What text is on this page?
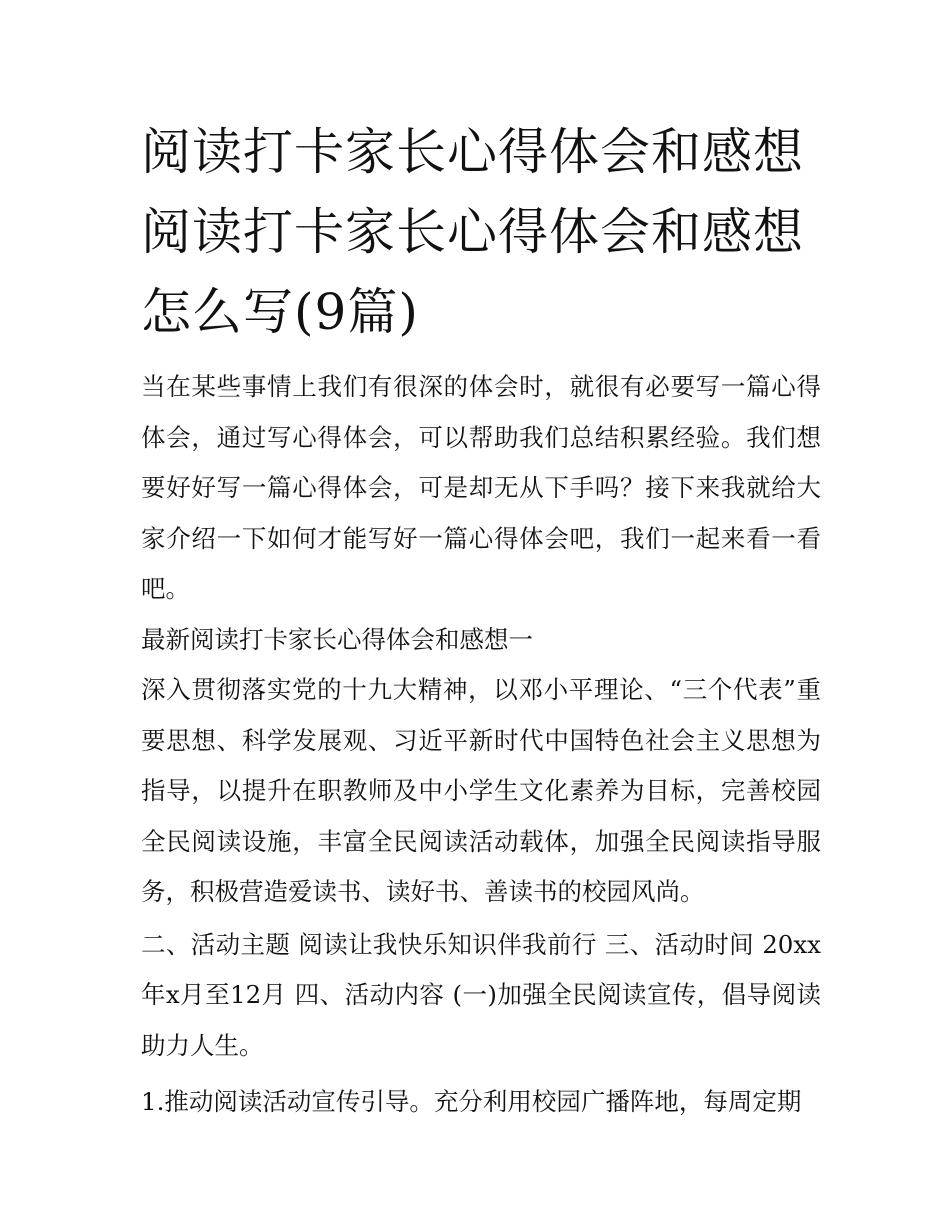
阅读打卡家长心得体会和感想阅读打卡家长心得体会和感想怎么写(9篇)

当在某些事情上我们有很深的体会时，就很有必要写一篇心得体会，通过写心得体会，可以帮助我们总结积累经验。我们想要好好写一篇心得体会，可是却无从下手吗？接下来我就给大家介绍一下如何才能写好一篇心得体会吧，我们一起来看一看吧。

最新阅读打卡家长心得体会和感想一

深入贯彻落实党的十九大精神，以邓小平理论、“三个代表”重要思想、科学发展观、习近平新时代中国特色社会主义思想为指导，以提升在职教师及中小学生文化素养为目标，完善校园全民阅读设施，丰富全民阅读活动载体，加强全民阅读指导服务，积极营造爱读书、读好书、善读书的校园风尚。

二、活动主题 阅读让我快乐知识伴我前行 三、活动时间 20xx年x月至12月 四、活动内容 (一)加强全民阅读宣传，倡导阅读助力人生。

1.推动阅读活动宣传引导。充分利用校园广播阵地，每周定期
